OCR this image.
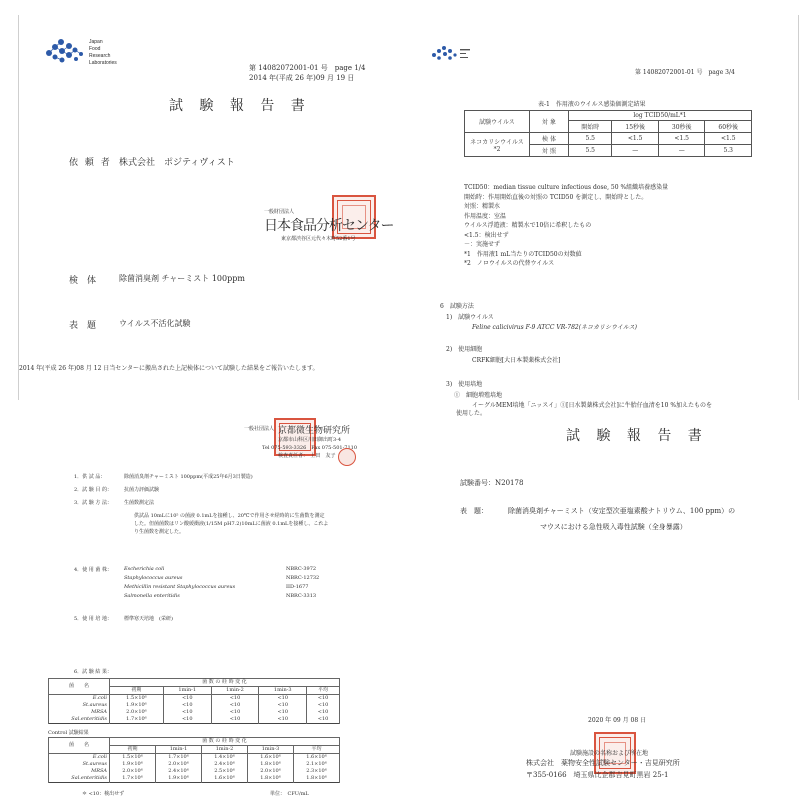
Japan
Food
Research
Laboratories
第 14082072001-01 号　page 1/4
2014 年(平成 26 年)09 月 19 日
試 験 報 告 書
依 頼 者 株式会社　ポジティヴィスト
一般財団法人
日本食品分析センター
東京都渋谷区元代々木町52番1号
検　体	除菌消臭剤 チャーミスト 100ppm
表　題	ウイルス不活化試験
2014 年(平成 26 年)08 月 12 日当センターに搬出された上記検体について試験した結果をご報告いたします。
第 14082072001-01 号　page 3/4
表-1　作用液のウイルス感染価測定結果
試験ウイルス	対 象	log TCID50/mL*1			
		開始時	15秒後	30秒後	60秒後
ネコカリシウイルス*2	検 体	5.5	<1.5	<1.5	<1.5
	対 照	5.5	—	—	5.3
TCID50：median tissue culture infectious dose, 50 %組織培養感染量
開始時：作用開始直後の対照の TCID50 を測定し、開始時とした。
対照：精製水
作用温度：室温
ウイルス浮遊液：精製水で10倍に希釈したもの
<1.5：検出せず
－：実施せず
*1　作用液1 mL当たりのTCID50の対数値
*2　ノロウイルスの代替ウイルス
6　試験方法
1)　試験ウイルス
Feline calicivirus F-9 ATCC VR-782(ネコカリシウイルス)
2)　使用細胞
CRFK細胞[大日本製薬株式会社]
3)　使用培地
①　細胞増殖培地
イーグルMEM培地「ニッスイ」①[日水製薬株式会社]に牛胎仔血清を10 %加えたものを
使用した。
一般社団法人 京都微生物研究所
京都市山科区川田御出町3-4
Tel 075-593-3326　Fax 075-501-7110
検査責任者：　上田　友子
1．供 試 品：	除菌消臭剤チャーミスト 100ppm(平成25年6月3日製造)
2．試 験 目 的： 抗菌力評価試験
3．試 験 方 法： 生菌数測定法
供試品 10mLに10⁵ の菌液 0.1mLを接種し、20℃で作用させ経時的に生菌数を測定
した。但菌菌数はリン酸緩衝液(1/15M pH7.2)10mLに菌液 0.1mLを接種し、これよ
り生菌数を測定した。
4．使 用 菌 株： Escherichia coli	NBRC-3972
Staphylococcus aureus	NBRC-12732
Methicillin resistant Staphylococcus aureus	IID-1677
Salmonella enteritidis	NBRC-3313
5．使 用 培 地： 標準寒天培地　(栄研)
6．試 験 結 果：
菌　　名	菌 数 の 経 時 変 化				
	初期	1min-1	1min-2	1min-3	平均
E.coli	1.5×10⁶	<10	<10	<10	<10
St.aureus	1.9×10⁶	<10	<10	<10	<10
MRSA	2.0×10⁶	<10	<10	<10	<10
Sal.enteritidis	1.7×10⁶	<10	<10	<10	<10
Control 試験結果
菌　　名	菌 数 の 経 時 変 化				
	初期	1min-1	1min-2	1min-3	平均
E.coli	1.5×10⁶	1.7×10⁶	1.4×10⁶	1.6×10⁶	1.6×10⁶
St.aureus	1.9×10⁶	2.0×10⁶	2.4×10⁶	1.8×10⁶	2.1×10⁶
MRSA	2.0×10⁶	2.4×10⁶	2.5×10⁶	2.0×10⁶	2.3×10⁶
Sal.enteritidis	1.7×10⁶	1.9×10⁶	1.6×10⁶	1.8×10⁶	1.8×10⁶
＊ <10：検出せず	単位：　CFU/mL
試 験 報 告 書
試験番号：N20178
表　題：	除菌消臭剤チャーミスト（安定型次亜塩素酸ナトリウム、100 ppm）の
マウスにおける急性吸入毒性試験（全身暴露）
2020 年 09 月 08 日
試験施設の名称および所在地
株式会社　薬物安全性試験センター・吉見研究所
〒355-0166　埼玉県比企郡吉見町黒岩 25-1
